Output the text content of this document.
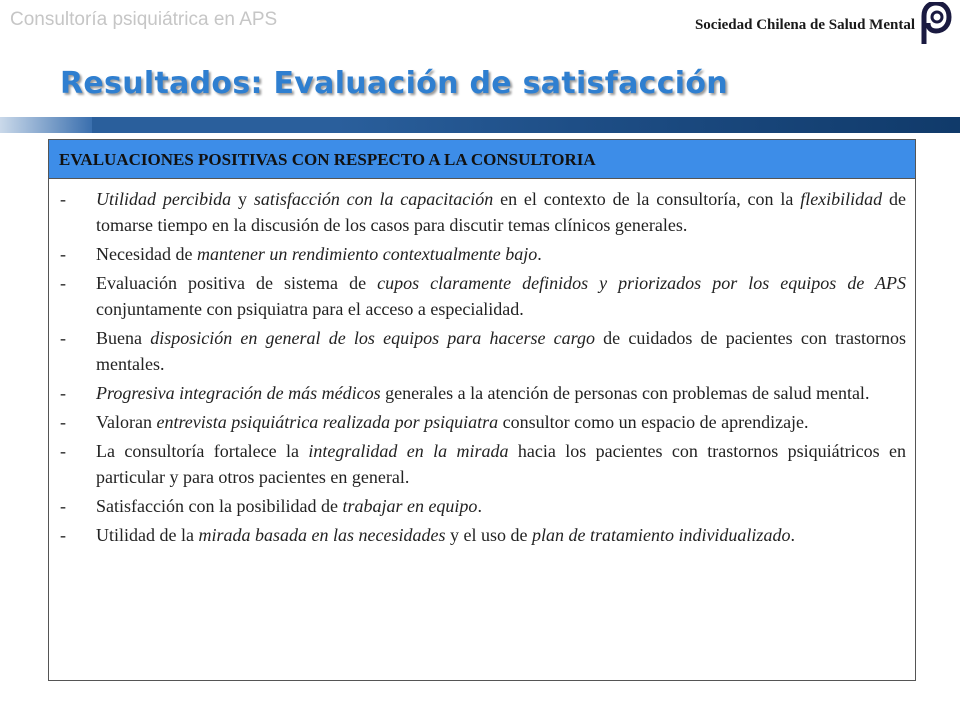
Consultoría psiquiátrica en APS	Sociedad Chilena de Salud Mental
Resultados: Evaluación de satisfacción
EVALUACIONES POSITIVAS CON RESPECTO A LA CONSULTORIA
-	Utilidad percibida y satisfacción con la capacitación en el contexto de la consultoría, con la flexibilidad de tomarse tiempo en la discusión de los casos para discutir temas clínicos generales.
-	Necesidad de mantener un rendimiento contextualmente bajo.
-	Evaluación positiva de sistema de cupos claramente definidos y priorizados por los equipos de APS conjuntamente con psiquiatra para el acceso a especialidad.
-	Buena disposición en general de los equipos para hacerse cargo de cuidados de pacientes con trastornos mentales.
-	Progresiva integración de más médicos generales a la atención de personas con problemas de salud mental.
-	Valoran entrevista psiquiátrica realizada por psiquiatra consultor como un espacio de aprendizaje.
-	La consultoría fortalece la integralidad en la mirada hacia los pacientes con trastornos psiquiátricos en particular y para otros pacientes en general.
-	Satisfacción con la posibilidad de trabajar en equipo.
-	Utilidad de la mirada basada en las necesidades y el uso de plan de tratamiento individualizado.
